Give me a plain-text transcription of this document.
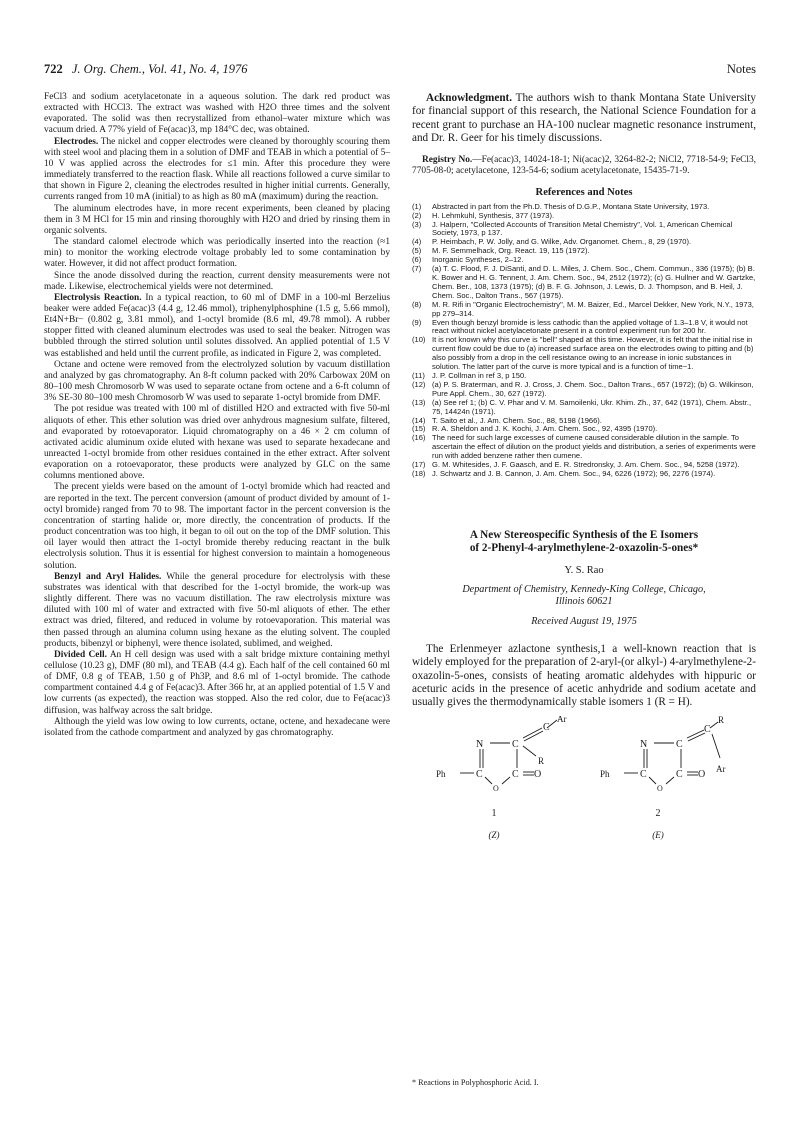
722 J. Org. Chem., Vol. 41, No. 4, 1976	Notes

FeCl3 and sodium acetylacetonate in a aqueous solution. The dark red product was extracted with HCCl3. The extract was washed with H2O three times and the solvent evaporated. The solid was then recrystallized from ethanol–water mixture which was vacuum dried. A 77% yield of Fe(acac)3, mp 184°C dec, was obtained.

Electrodes. The nickel and copper electrodes were cleaned by thoroughly scouring them with steel wool and placing them in a solution of DMF and TEAB in which a potential of 5–10 V was applied across the electrodes for ≤1 min. After this procedure they were immediately transferred to the reaction flask. While all reactions followed a curve similar to that shown in Figure 2, cleaning the electrodes resulted in higher initial currents. Generally, currents ranged from 10 mA (initial) to as high as 80 mA (maximum) during the reaction.

The aluminum electrodes have, in more recent experiments, been cleaned by placing them in 3 M HCl for 15 min and rinsing thoroughly with H2O and dried by rinsing them in organic solvents.

The standard calomel electrode which was periodically inserted into the reaction (≈1 min) to monitor the working electrode voltage probably led to some contamination by water. However, it did not affect product formation.

Since the anode dissolved during the reaction, current density measurements were not made. Likewise, electrochemical yields were not determined.

Electrolysis Reaction. In a typical reaction, to 60 ml of DMF in a 100-ml Berzelius beaker were added Fe(acac)3 (4.4 g, 12.46 mmol), triphenylphosphine (1.5 g, 5.66 mmol), Et4N+Br− (0.802 g, 3.81 mmol), and 1-octyl bromide (8.6 ml, 49.78 mmol). A rubber stopper fitted with cleaned aluminum electrodes was used to seal the beaker. Nitrogen was bubbled through the stirred solution until solutes dissolved. An applied potential of 1.5 V was established and held until the current profile, as indicated in Figure 2, was completed.

Octane and octene were removed from the electrolyzed solution by vacuum distillation and analyzed by gas chromatography. An 8-ft column packed with 20% Carbowax 20M on 80–100 mesh Chromosorb W was used to separate octane from octene and a 6-ft column of 3% SE-30 80–100 mesh Chromosorb W was used to separate 1-octyl bromide from DMF.

The pot residue was treated with 100 ml of distilled H2O and extracted with five 50-ml aliquots of ether. This ether solution was dried over anhydrous magnesium sulfate, filtered, and evaporated by rotoevaporator. Liquid chromatography on a 46 × 2 cm column of activated acidic aluminum oxide eluted with hexane was used to separate hexadecane and unreacted 1-octyl bromide from other residues contained in the ether extract. After solvent evaporation on a rotoevaporator, these products were analyzed by GLC on the same columns mentioned above.

The precent yields were based on the amount of 1-octyl bromide which had reacted and are reported in the text. The percent conversion (amount of product divided by amount of 1-octyl bromide) ranged from 70 to 98. The important factor in the percent conversion is the concentration of starting halide or, more directly, the concentration of products. If the product concentration was too high, it began to oil out on the top of the DMF solution. This oil layer would then attract the 1-octyl bromide thereby reducing reactant in the bulk electrolysis solution. Thus it is essential for highest conversion to maintain a homogeneous solution.

Benzyl and Aryl Halides. While the general procedure for electrolysis with these substrates was identical with that described for the 1-octyl bromide, the work-up was slightly different. There was no vacuum distillation. The raw electrolysis mixture was diluted with 100 ml of water and extracted with five 50-ml aliquots of ether. The ether extract was dried, filtered, and reduced in volume by rotoevaporation. This material was then passed through an alumina column using hexane as the eluting solvent. The coupled products, bibenzyl or biphenyl, were thence isolated, sublimed, and weighed.

Divided Cell. An H cell design was used with a salt bridge mixture containing methyl cellulose (10.23 g), DMF (80 ml), and TEAB (4.4 g). Each half of the cell contained 60 ml of DMF, 0.8 g of TEAB, 1.50 g of Ph3P, and 8.6 ml of 1-octyl bromide. The cathode compartment contained 4.4 g of Fe(acac)3. After 366 hr, at an applied potential of 1.5 V and low currents (as expected), the reaction was stopped. Also the red color, due to Fe(acac)3 diffusion, was halfway across the salt bridge.

Although the yield was low owing to low currents, octane, octene, and hexadecane were isolated from the cathode compartment and analyzed by gas chromatography.

Acknowledgment. The authors wish to thank Montana State University for financial support of this research, the National Science Foundation for a recent grant to purchase an HA-100 nuclear magnetic resonance instrument, and Dr. R. Geer for his timely discussions.

Registry No.—Fe(acac)3, 14024-18-1; Ni(acac)2, 3264-82-2; NiCl2, 7718-54-9; FeCl3, 7705-08-0; acetylacetone, 123-54-6; sodium acetylacetonate, 15435-71-9.

References and Notes
(1)	Abstracted in part from the Ph.D. Thesis of D.G.P., Montana State University, 1973.
(2)	H. Lehmkuhl, Synthesis, 377 (1973).
(3)	J. Halpern, "Collected Accounts of Transition Metal Chemistry", Vol. 1, American Chemical Society, 1973, p 137.
(4)	P. Heimbach, P. W. Jolly, and G. Wilke, Adv. Organomet. Chem., 8, 29 (1970).
(5)	M. F. Semmelhack, Org. React. 19, 115 (1972).
(6)	Inorganic Syntheses, 2–12.
(7)	(a) T. C. Flood, F. J. DiSanti, and D. L. Miles, J. Chem. Soc., Chem. Commun., 336 (1975); (b) B. K. Bower and H. G. Tennent, J. Am. Chem. Soc., 94, 2512 (1972); (c) G. Hullner and W. Gartzke, Chem. Ber., 108, 1373 (1975); (d) B. F. G. Johnson, J. Lewis, D. J. Thompson, and B. Heil, J. Chem. Soc., Dalton Trans., 567 (1975).
(8)	M. R. Rifi in "Organic Electrochemistry", M. M. Baizer, Ed., Marcel Dekker, New York, N.Y., 1973, pp 279–314.
(9)	Even though benzyl bromide is less cathodic than the applied voltage of 1.3–1.8 V, it would not react without nickel acetylacetonate present in a control experiment run for 200 hr.
(10) It is not known why this curve is "bell" shaped at this time. However, it is felt that the initial rise in current flow could be due to (a) increased surface area on the electrodes owing to pitting and (b) also possibly from a drop in the cell resistance owing to an increase in ionic substances in solution. The latter part of the curve is more typical and is a function of time−1.
(11) J. P. Collman in ref 3, p 150.
(12) (a) P. S. Braterman, and R. J. Cross, J. Chem. Soc., Dalton Trans., 657 (1972); (b) G. Wilkinson, Pure Appl. Chem., 30, 627 (1972).
(13) (a) See ref 1; (b) C. V. Phar and V. M. Samoilenki, Ukr. Khim. Zh., 37, 642 (1971), Chem. Abstr., 75, 14424n (1971).
(14) T. Saito et al., J. Am. Chem. Soc., 88, 5198 (1966).
(15) R. A. Sheldon and J. K. Kochi, J. Am. Chem. Soc., 92, 4395 (1970).
(16) The need for such large excesses of cumene caused considerable dilution in the sample. To ascertain the effect of dilution on the product yields and distribution, a series of experiments were run with added benzene rather then cumene.
(17) G. M. Whitesides, J. F. Gaasch, and E. R. Stredronsky, J. Am. Chem. Soc., 94, 5258 (1972).
(18) J. Schwartz and J. B. Cannon, J. Am. Chem. Soc., 94, 6226 (1972); 96, 2276 (1974).
A New Stereospecific Synthesis of the E Isomers
of 2-Phenyl-4-arylmethylene-2-oxazolin-5-ones*
Y. S. Rao
Department of Chemistry, Kennedy-King College, Chicago,
Illinois 60621
Received August 19, 1975

The Erlenmeyer azlactone synthesis,1 a well-known reaction that is widely employed for the preparation of 2-aryl-(or alkyl-) 4-arylmethylene-2-oxazolin-5-ones, consists of heating aromatic aldehydes with hippuric or aceturic acids in the presence of acetic anhydride and sodium acetate and usually gives the thermodynamically stable isomers 1 (R = H).

N	C
C
Ar
R
Ph	C	C O
O
1
(Z)
N	C
C
R
Ar
Ph	C	C O
O
2
(E)
* Reactions in Polyphosphoric Acid. I.
